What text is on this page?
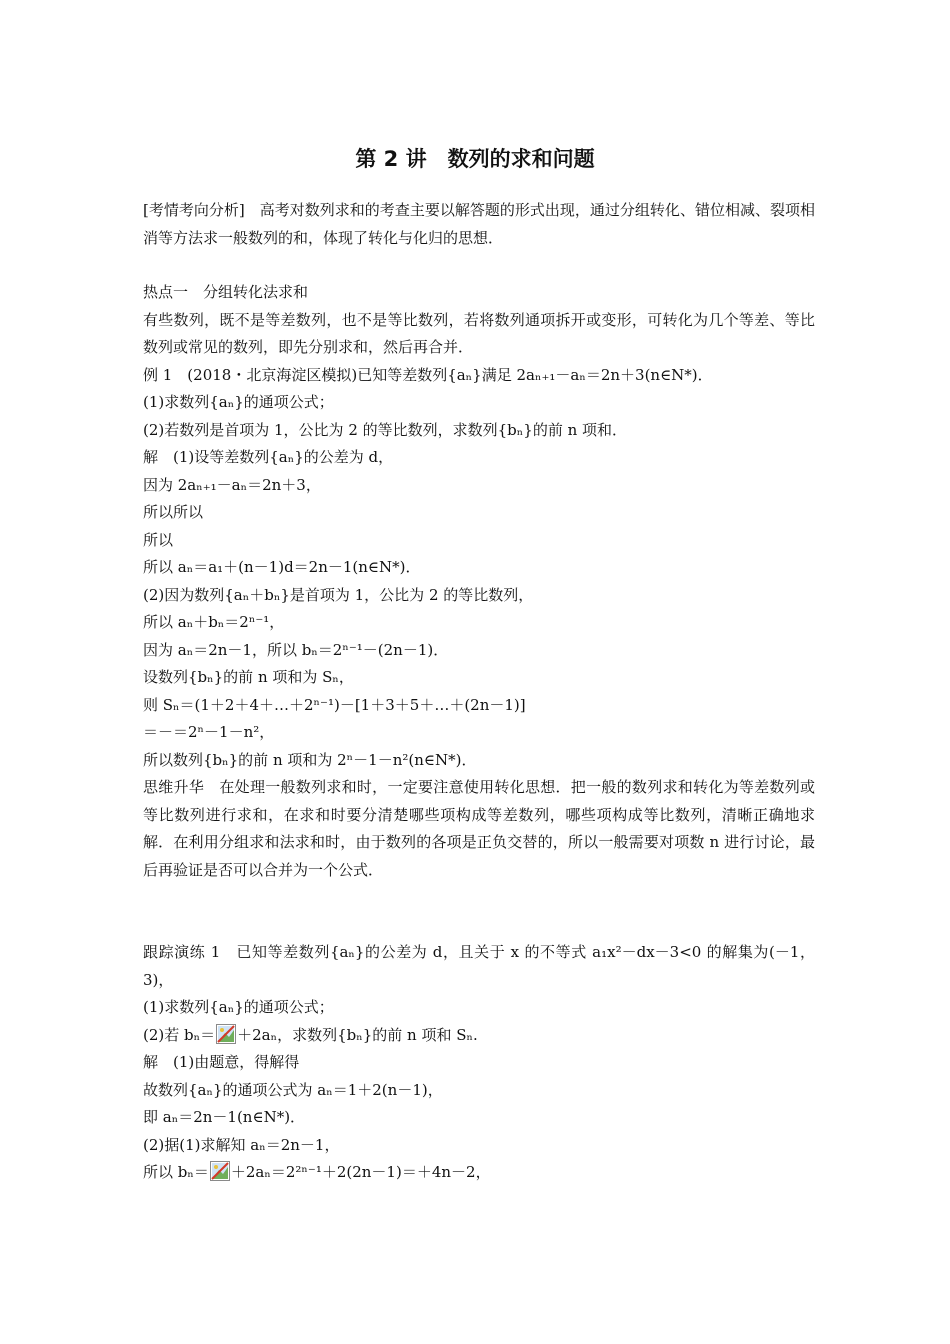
第 2 讲　数列的求和问题

[考情考向分析]　高考对数列求和的考查主要以解答题的形式出现，通过分组转化、错位相减、裂项相消等方法求一般数列的和，体现了转化与化归的思想．

热点一　分组转化法求和

有些数列，既不是等差数列，也不是等比数列，若将数列通项拆开或变形，可转化为几个等差、等比数列或常见的数列，即先分别求和，然后再合并．

例 1　(2018・北京海淀区模拟)已知等差数列{aₙ}满足 2aₙ₊₁－aₙ＝2n＋3(n∈N*)．

(1)求数列{aₙ}的通项公式；

(2)若数列是首项为 1，公比为 2 的等比数列，求数列{bₙ}的前 n 项和．

解　(1)设等差数列{aₙ}的公差为 d，

因为 2aₙ₊₁－aₙ＝2n＋3，

所以所以

所以

所以 aₙ＝a₁＋(n－1)d＝2n－1(n∈N*)．

(2)因为数列{aₙ＋bₙ}是首项为 1，公比为 2 的等比数列，

所以 aₙ＋bₙ＝2ⁿ⁻¹，

因为 aₙ＝2n－1，所以 bₙ＝2ⁿ⁻¹－(2n－1)．

设数列{bₙ}的前 n 项和为 Sₙ，

则 Sₙ＝(1＋2＋4＋…＋2ⁿ⁻¹)－[1＋3＋5＋…＋(2n－1)]

＝－＝2ⁿ－1－n²，

所以数列{bₙ}的前 n 项和为 2ⁿ－1－n²(n∈N*)．

思维升华　在处理一般数列求和时，一定要注意使用转化思想．把一般的数列求和转化为等差数列或等比数列进行求和，在求和时要分清楚哪些项构成等差数列，哪些项构成等比数列，清晰正确地求解．在利用分组求和法求和时，由于数列的各项是正负交替的，所以一般需要对项数 n 进行讨论，最后再验证是否可以合并为一个公式．

跟踪演练 1　已知等差数列{aₙ}的公差为 d，且关于 x 的不等式 a₁x²－dx－3<0 的解集为(－1，3)，

(1)求数列{aₙ}的通项公式；

(2)若 bₙ＝ ＋2aₙ，求数列{bₙ}的前 n 项和 Sₙ.

解　(1)由题意，得解得

故数列{aₙ}的通项公式为 aₙ＝1＋2(n－1)，

即 aₙ＝2n－1(n∈N*)．

(2)据(1)求解知 aₙ＝2n－1，

所以 bₙ＝ ＋2aₙ＝2²ⁿ⁻¹＋2(2n－1)＝＋4n－2，
